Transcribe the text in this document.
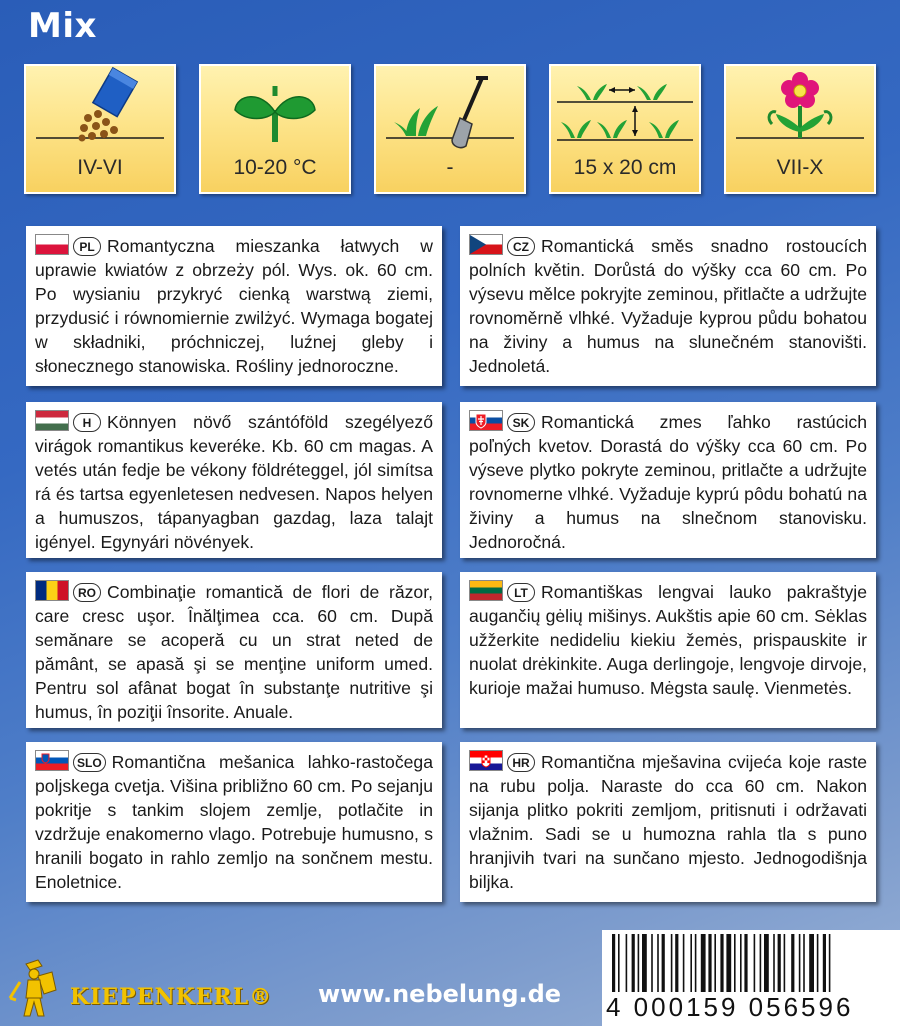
Mix
IV-VI	10-20 °C	-	15 x 20 cm	VII-X

PL Romantyczna mieszanka łatwych w uprawie kwiatów z obrzeży pól. Wys. ok. 60 cm. Po wysianiu przykryć cienką warstwą ziemi, przydusić i równomiernie zwilżyć. Wymaga bogatej w składniki, próchniczej, luźnej gleby i słonecznego stanowiska. Rośliny jednoroczne.

CZ Romantická směs snadno rostoucích polních květin. Dorůstá do výšky cca 60 cm. Po výsevu mělce pokryjte zeminou, přitlačte a udržujte rovnoměrně vlhké. Vyžaduje kyprou půdu bohatou na živiny a humus na slunečném stanovišti. Jednoletá.

H Könnyen növő szántóföld szegélyező virágok romantikus keveréke. Kb. 60 cm magas. A vetés után fedje be vékony földréteggel, jól simítsa rá és tartsa egyenletesen nedvesen. Napos helyen a humuszos, tápanyagban gazdag, laza talajt igényel. Egynyári növények.

SK Romantická zmes ľahko rastúcich poľných kvetov. Dorastá do výšky cca 60 cm. Po výseve plytko pokryte zeminou, pritlačte a udržujte rovnomerne vlhké. Vyžaduje kyprú pôdu bohatú na živiny a humus na slnečnom stanovisku. Jednoročná.

RO Combinaţie romantică de flori de răzor, care cresc uşor. Înălţimea cca. 60 cm. După semănare se acoperă cu un strat neted de pământ, se apasă şi se menţine uniform umed. Pentru sol afânat bogat în substanţe nutritive şi humus, în poziţii însorite. Anuale.

LT Romantiškas lengvai lauko pakraštyje augančių gėlių mišinys. Aukštis apie 60 cm. Sėklas užžerkite nedideliu kiekiu žemės, prispauskite ir nuolat drėkinkite. Auga derlingoje, lengvoje dirvoje, kurioje mažai humuso. Mėgsta saulę. Vienmetės.

SLO Romantična mešanica lahko-rastočega poljskega cvetja. Višina približno 60 cm. Po sejanju pokritje s tankim slojem zemlje, potlačite in vzdržuje enakomerno vlago. Potrebuje humusno, s hranili bogato in rahlo zemljo na sončnem mestu. Enoletnice.

HR Romantična mješavina cvijeća koje raste na rubu polja. Naraste do cca 60 cm. Nakon sijanja plitko pokriti zemljom, pritisnuti i održavati vlažnim. Sadi se u humozna rahla tla s puno hranjivih tvari na sunčano mjesto. Jednogodišnja biljka.

KIEPENKERL® www.nebelung.de 4 000159 056596
